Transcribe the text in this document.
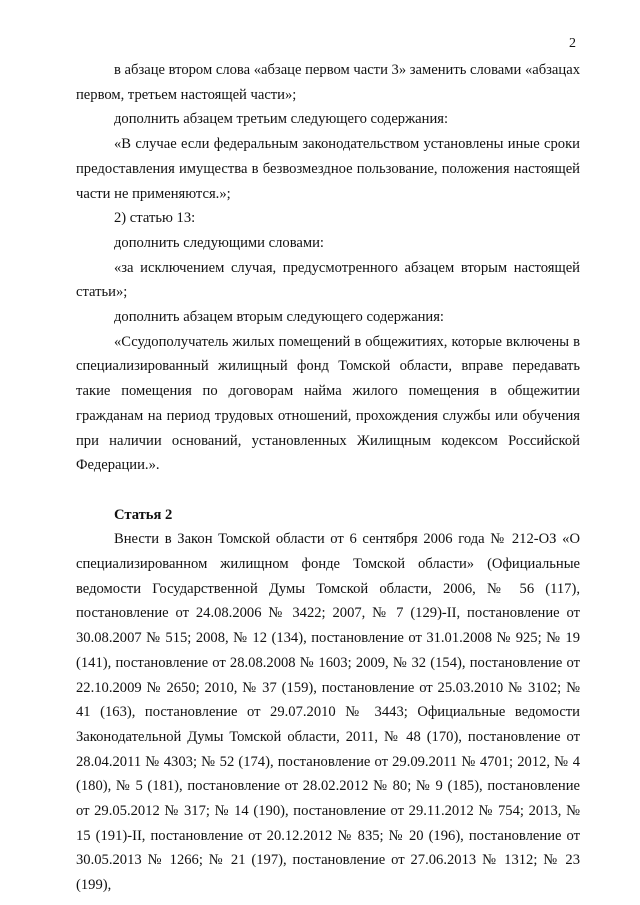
2

в абзаце втором слова «абзаце первом части 3» заменить словами «абзацах первом, третьем настоящей части»;

дополнить абзацем третьим следующего содержания:

«В случае если федеральным законодательством установлены иные сроки предоставления имущества в безвозмездное пользование, положения настоящей части не применяются.»;

2) статью 13:

дополнить следующими словами:

«за исключением случая, предусмотренного абзацем вторым настоящей статьи»;

дополнить абзацем вторым следующего содержания:

«Ссудополучатель жилых помещений в общежитиях, которые включены в специализированный жилищный фонд Томской области, вправе передавать такие помещения по договорам найма жилого помещения в общежитии гражданам на период трудовых отношений, прохождения службы или обучения при наличии оснований, установленных Жилищным кодексом Российской Федерации.».

Статья 2

Внести в Закон Томской области от 6 сентября 2006 года № 212-ОЗ «О специализированном жилищном фонде Томской области» (Официальные ведомости Государственной Думы Томской области, 2006, № 56 (117), постановление от 24.08.2006 № 3422; 2007, № 7 (129)-II, постановление от 30.08.2007 № 515; 2008, № 12 (134), постановление от 31.01.2008 № 925; № 19 (141), постановление от 28.08.2008 № 1603; 2009, № 32 (154), постановление от 22.10.2009 № 2650; 2010, № 37 (159), постановление от 25.03.2010 № 3102; № 41 (163), постановление от 29.07.2010 № 3443; Официальные ведомости Законодательной Думы Томской области, 2011, № 48 (170), постановление от 28.04.2011 № 4303; № 52 (174), постановление от 29.09.2011 № 4701; 2012, № 4 (180), № 5 (181), постановление от 28.02.2012 № 80; № 9 (185), постановление от 29.05.2012 № 317; № 14 (190), постановление от 29.11.2012 № 754; 2013, № 15 (191)-II, постановление от 20.12.2012 № 835; № 20 (196), постановление от 30.05.2013 № 1266; № 21 (197), постановление от 27.06.2013 № 1312; № 23 (199),
